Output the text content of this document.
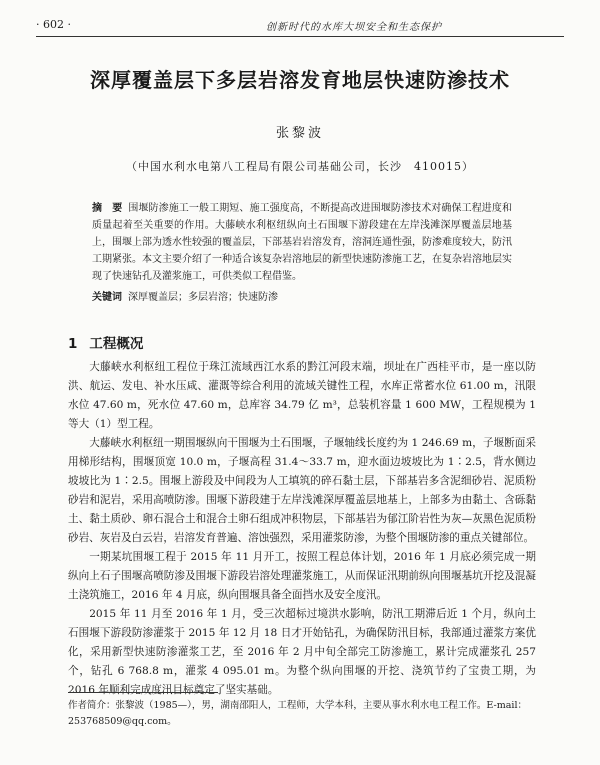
· 602 ·	创新时代的水库大坝安全和生态保护
深厚覆盖层下多层岩溶发育地层快速防渗技术
张黎波
（中国水利水电第八工程局有限公司基础公司，长沙　410015）
摘　要 围堰防渗施工一般工期短、施工强度高，不断提高改进围堰防渗技术对确保工程进度和质量起着至关重要的作用。大藤峡水利枢纽纵向土石围堰下游段建在左岸浅滩深厚覆盖层地基上，围堰上部为透水性较强的覆盖层，下部基岩岩溶发育，溶洞连通性强，防渗难度较大，防汛工期紧张。本文主要介绍了一种适合该复杂岩溶地层的新型快速防渗施工艺，在复杂岩溶地层实现了快速钻孔及灌浆施工，可供类似工程借鉴。
关键词 深厚覆盖层；多层岩溶；快速防渗
1 工程概况

大藤峡水利枢纽工程位于珠江流域西江水系的黔江河段末端，坝址在广西桂平市，是一座以防洪、航运、发电、补水压咸、灌溉等综合利用的流域关键性工程，水库正常蓄水位 61.00 m，汛限水位 47.60 m，死水位 47.60 m，总库容 34.79 亿 m³，总装机容量 1 600 MW，工程规模为 1 等大（1）型工程。

大藤峡水利枢纽一期围堰纵向干围堰为土石围堰，子堰轴线长度约为 1 246.69 m，子堰断面采用梯形结构，围堰顶宽 10.0 m，子堰高程 31.4～33.7 m，迎水面边坡坡比为 1∶2.5，背水侧边坡坡比为 1∶2.5。围堰上游段及中间段为人工填筑的碎石黏土层，下部基岩多含泥细砂岩、泥质粉砂岩和泥岩，采用高喷防渗。围堰下游段建于左岸浅滩深厚覆盖层地基上，上部多为由黏土、含砾黏土、黏土质砂、卵石混合土和混合土卵石组成冲积物层，下部基岩为郁江阶岩性为灰—灰黑色泥质粉砂岩、灰岩及白云岩，岩溶发育普遍、溶蚀强烈，采用灌浆防渗，为整个围堰防渗的重点关键部位。

一期某坑围堰工程于 2015 年 11 月开工，按照工程总体计划，2016 年 1 月底必须完成一期纵向上石子围堰高喷防渗及围堰下游段岩溶处理灌浆施工，从而保证汛期前纵向围堰基坑开挖及混凝土浇筑施工，2016 年 4 月底，纵向围堰具备全面挡水及安全度汛。

2015 年 11 月至 2016 年 1 月，受三次超标过境洪水影响，防汛工期滞后近 1 个月，纵向土石围堰下游段防渗灌浆于 2015 年 12 月 18 日才开始钻孔，为确保防汛目标，我部通过灌浆方案优化，采用新型快速防渗灌浆工艺，至 2016 年 2 月中旬全部完工防渗施工，累计完成灌浆孔 257 个，钻孔 6 768.8 m，灌浆 4 095.01 m。为整个纵向围堰的开挖、浇筑节约了宝贵工期，为 2016 年顺利完成度汛目标奠定了坚实基础。

作者简介：张黎波（1985—），男，湖南邵阳人，工程师，大学本科，主要从事水利水电工程工作。E-mail：253768509@qq.com。
